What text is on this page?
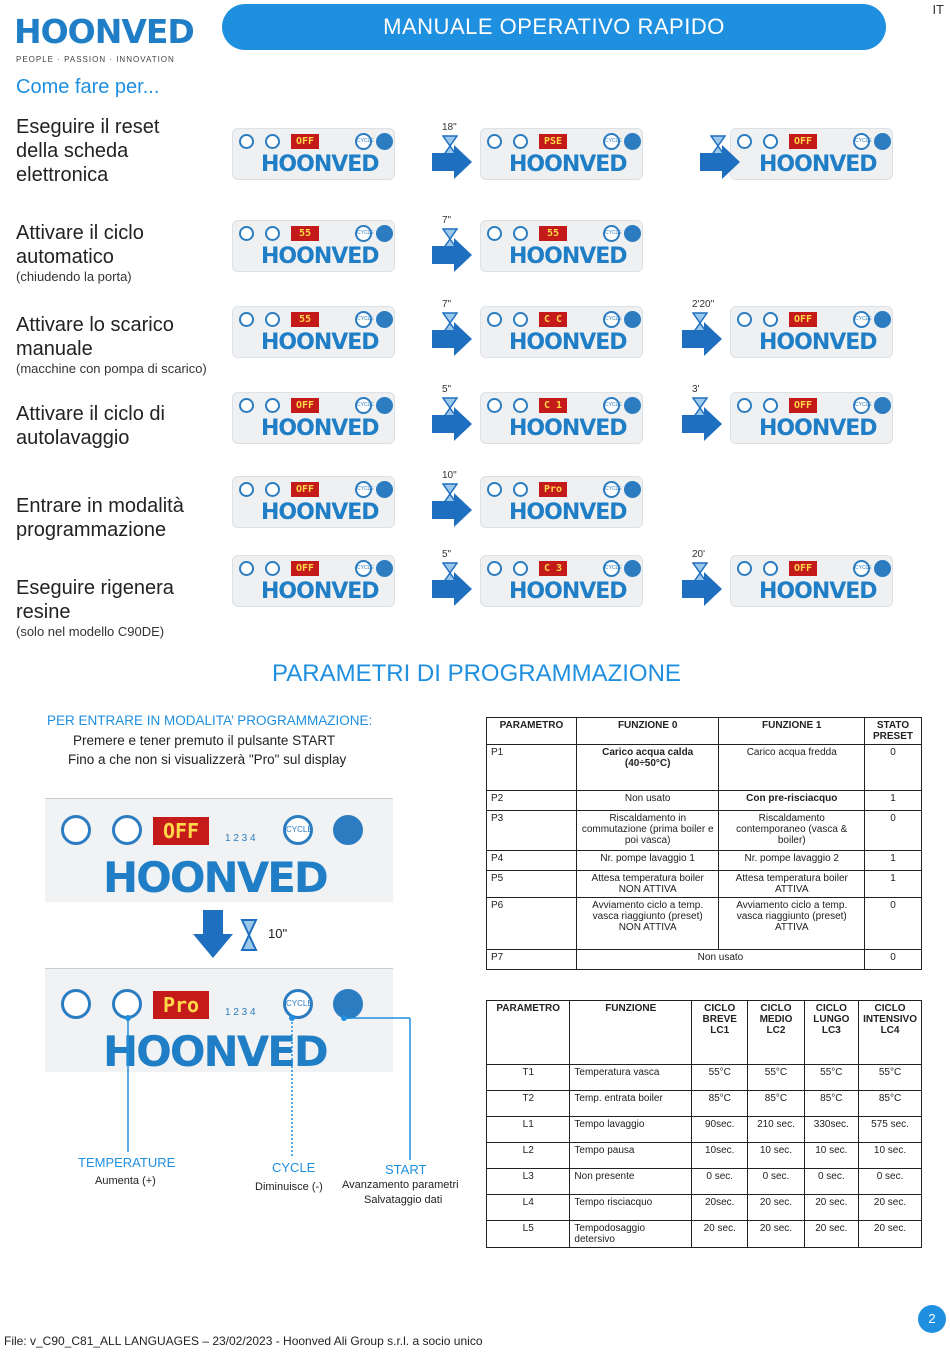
HOONVED
PEOPLE · PASSION · INNOVATION
MANUALE OPERATIVO RAPIDO
IT
Come fare per...
Eseguire il reset della scheda elettronica
Attivare il ciclo automatico
(chiudendo la porta)
Attivare lo scarico manuale
(macchine con pompa di scarico)
Attivare il ciclo di autolavaggio
Entrare in modalità programmazione
Eseguire rigenera resine
(solo nel modello C90DE)
OFF	CYCLE
HOONVED
PSE	CYCLE
HOONVED
OFF	CYCLE
HOONVED
55	CYCLE
HOONVED
55	CYCLE
HOONVED
55	CYCLE
HOONVED
C C	CYCLE
HOONVED
OFF	CYCLE
HOONVED
OFF	CYCLE
HOONVED
C 1	CYCLE
HOONVED
OFF	CYCLE
HOONVED
OFF	CYCLE
HOONVED
Pro	CYCLE
HOONVED
OFF	CYCLE
HOONVED
C 3	CYCLE
HOONVED
OFF	CYCLE
HOONVED
18"
7"
7"	2'20"
5"	3'
10"
5"	20'
PARAMETRI DI PROGRAMMAZIONE
PER ENTRARE IN MODALITA’ PROGRAMMAZIONE:
Premere e tener premuto il pulsante START
Fino a che non si visualizzerà "Pro" sul display
OFF	CYCLE
1 2 3 4
HOONVED
10"
Pro	CYCLE
1 2 3 4
HOONVED
TEMPERATURE
Aumenta (+)
CYCLE
Diminuisce (-)
START
Avanzamento parametri
Salvataggio dati
PARAMETRO	FUNZIONE 0	FUNZIONE 1	STATO PRESET
P1	Carico acqua calda (40÷50°C)	Carico acqua fredda	0
P2	Non usato	Con pre-risciacquo	1
P3	Riscaldamento in commutazione (prima boiler e poi vasca)	Riscaldamento contemporaneo (vasca & boiler)	0
P4	Nr. pompe lavaggio 1	Nr. pompe lavaggio 2	1
P5	Attesa temperatura boiler NON ATTIVA	Attesa temperatura boiler ATTIVA	1
P6	Avviamento ciclo a temp. vasca riaggiunto (preset) NON ATTIVA	Avviamento ciclo a temp. vasca riaggiunto (preset) ATTIVA	0
P7	Non usato		0
PARAMETRO	FUNZIONE	CICLO BREVE LC1	CICLO MEDIO LC2	CICLO LUNGO LC3	CICLO INTENSIVO LC4
T1	Temperatura vasca	55°C	55°C	55°C	55°C
T2	Temp. entrata boiler	85°C	85°C	85°C	85°C
L1	Tempo lavaggio	90sec.	210 sec.	330sec.	575 sec.
L2	Tempo pausa	10sec.	10 sec.	10 sec.	10 sec.
L3	Non presente	0 sec.	0 sec.	0 sec.	0 sec.
L4	Tempo risciacquo	20sec.	20 sec.	20 sec.	20 sec.
L5	Tempodosaggio detersivo	20 sec.	20 sec.	20 sec.	20 sec.
File: v_C90_C81_ALL LANGUAGES – 23/02/2023 - Hoonved Ali Group s.r.l. a socio unico
2
